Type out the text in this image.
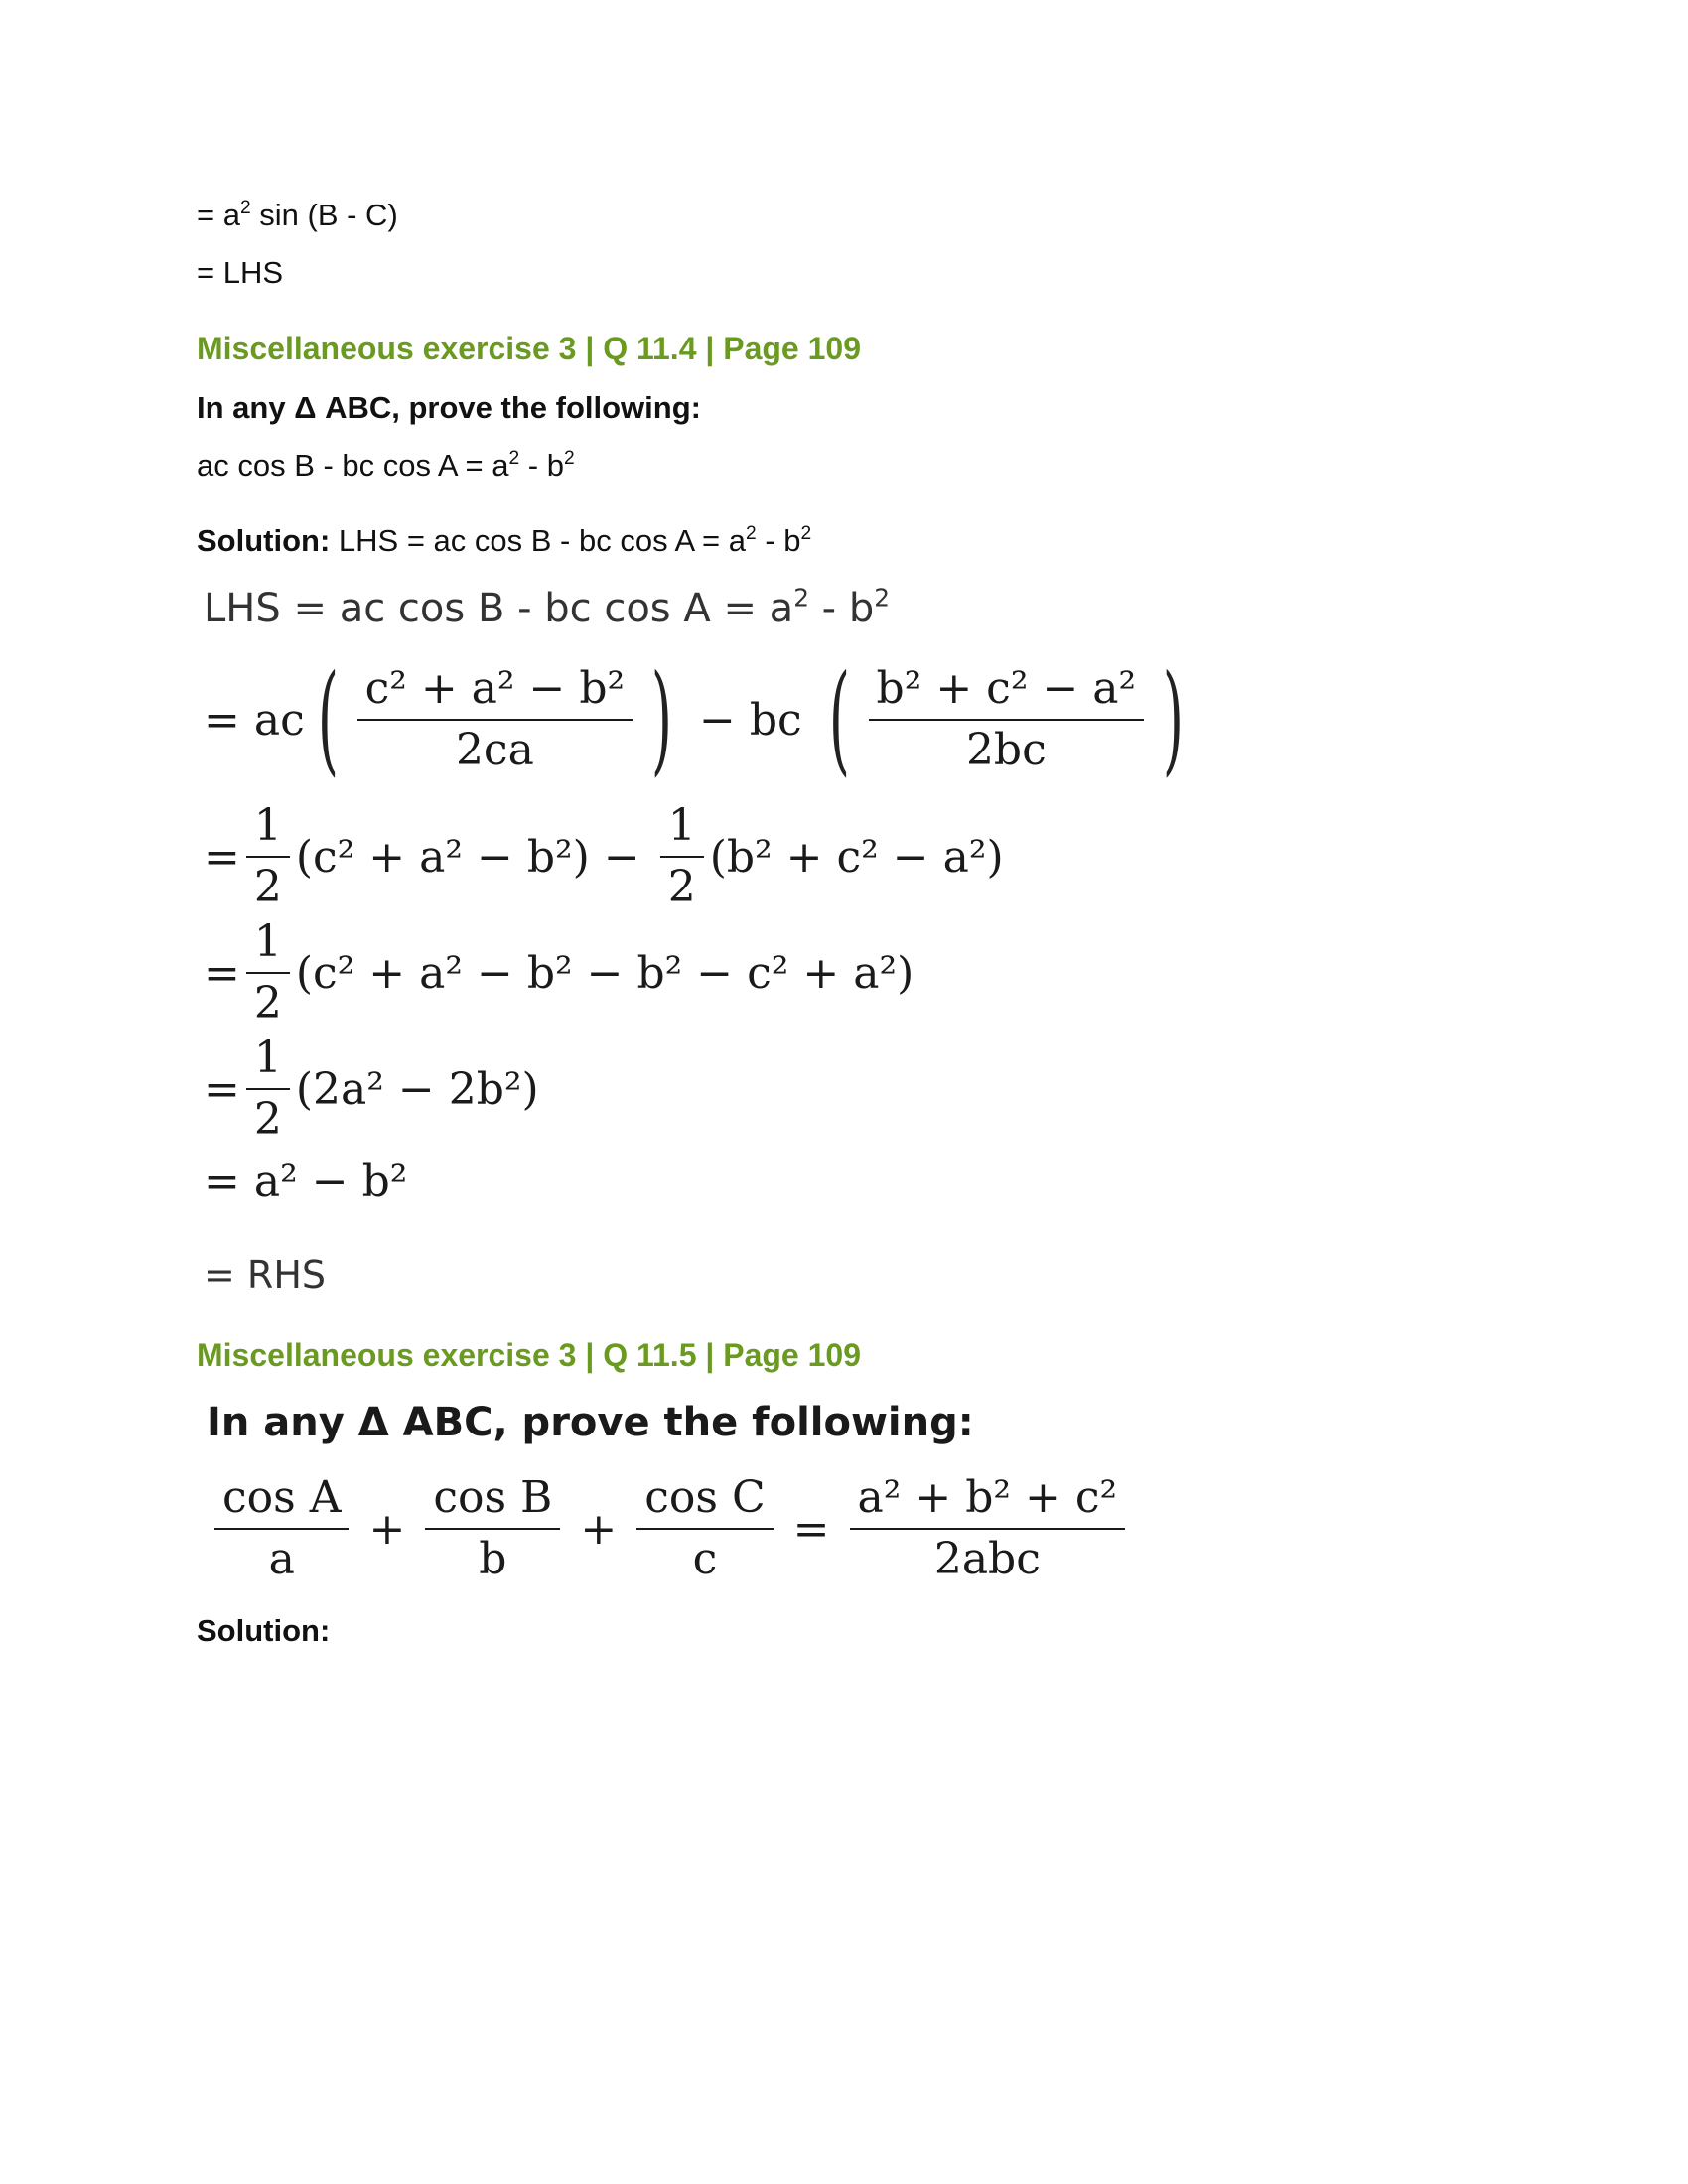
= $a^2$ sin (B - C)
= LHS
Miscellaneous exercise 3 | Q 11.4 | Page 109
In any Δ ABC, prove the following:
ac cos B - bc $\cos A = a^2 - b^2$
Solution: LHS = ac cos B - bc $\cos A = a^2 - b^2$
LHS = ac cos B - bc $\cos A = a^2 - b^2$
= ac ( $\frac{\text{c² + a² − b²}}{2ca}$ ) − bc ( $\frac{\text{b² + c² − a²}}{2bc}$ )
= $\frac{1}{2} (c^2 + a^2 - b^2) - \frac{1}{2} (b^2 + c^2 - a^2)$
= $\frac{1}{2} (c^2 + a^2 - b^2 - b^2 - c^2 + a^2)$
= $\frac{1}{2} (2a^2 - 2b^2)$
= a² − b²
= RHS
Miscellaneous exercise 3 | Q 11.5 | Page 109
In any Δ ABC, prove the following:
$\frac{\text{cos A}}{a} + \frac{\text{cos B}}{b} + \frac{\text{cos C}}{c} = \frac{\text{a² + b² + c²}}{\text{2abc}}$
Solution:
